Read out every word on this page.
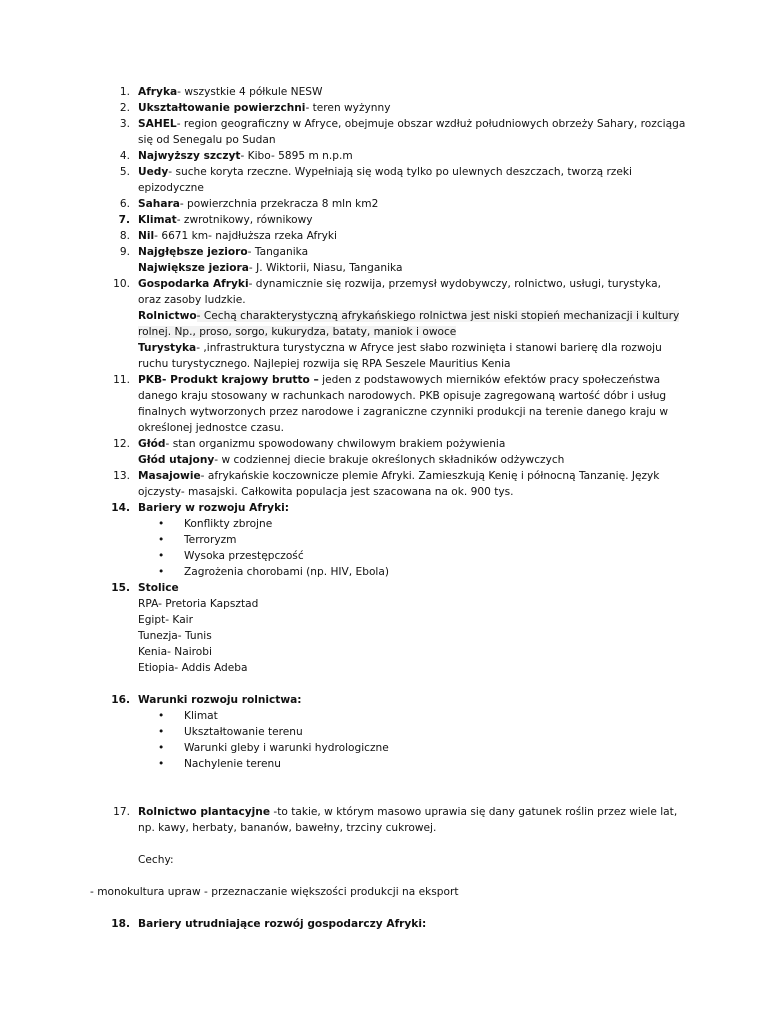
1. Afryka- wszystkie 4 półkule NESW
2. Ukształtowanie powierzchni- teren wyżynny
3. SAHEL- region geograficzny w Afryce, obejmuje obszar wzdłuż południowych obrzeży Sahary, rozciąga się od Senegalu po Sudan
4. Najwyższy szczyt- Kibo- 5895 m n.p.m
5. Uedy- suche koryta rzeczne. Wypełniają się wodą tylko po ulewnych deszczach, tworzą rzeki epizodyczne
6. Sahara- powierzchnia przekracza 8 mln km2
7. Klimat- zwrotnikowy, równikowy
8. Nil- 6671 km- najdłuższa rzeka Afryki
9. Najgłębsze jezioro- Tanganika
Największe jeziora- J. Wiktorii, Niasu, Tanganika
10. Gospodarka Afryki- dynamicznie się rozwija, przemysł wydobywczy, rolnictwo, usługi, turystyka, oraz zasoby ludzkie.
Rolnictwo- Cechą charakterystyczną afrykańskiego rolnictwa jest niski stopień mechanizacji i kultury rolnej. Np., proso, sorgo, kukurydza, bataty, maniok i owoce
Turystyka- ,infrastruktura turystyczna w Afryce jest słabo rozwinięta i stanowi barierę dla rozwoju ruchu turystycznego. Najlepiej rozwija się RPA Seszele Mauritius Kenia
11. PKB- Produkt krajowy brutto – jeden z podstawowych mierników efektów pracy społeczeństwa danego kraju stosowany w rachunkach narodowych. PKB opisuje zagregowaną wartość dóbr i usług finalnych wytworzonych przez narodowe i zagraniczne czynniki produkcji na terenie danego kraju w określonej jednostce czasu.
12. Głód- stan organizmu spowodowany chwilowym brakiem pożywienia
Głód utajony- w codziennej diecie brakuje określonych składników odżywczych
13. Masajowie- afrykańskie koczownicze plemie Afryki. Zamieszkują Kenię i północną Tanzanię. Język ojczysty- masajski. Całkowita populacja jest szacowana na ok. 900 tys.
14. Bariery w rozwoju Afryki:
• Konflikty zbrojne
• Terroryzm
• Wysoka przestępczość
• Zagrożenia chorobami (np. HIV, Ebola)
15. Stolice
RPA- Pretoria Kapsztad
Egipt- Kair
Tunezja- Tunis
Kenia- Nairobi
Etiopia- Addis Adeba
16. Warunki rozwoju rolnictwa:
• Klimat
• Ukształtowanie terenu
• Warunki gleby i warunki hydrologiczne
• Nachylenie terenu
17. Rolnictwo plantacyjne -to takie, w którym masowo uprawia się dany gatunek roślin przez wiele lat, np. kawy, herbaty, bananów, bawełny, trzciny cukrowej.
Cechy:
- monokultura upraw - przeznaczanie większości produkcji na eksport
18. Bariery utrudniające rozwój gospodarczy Afryki:
